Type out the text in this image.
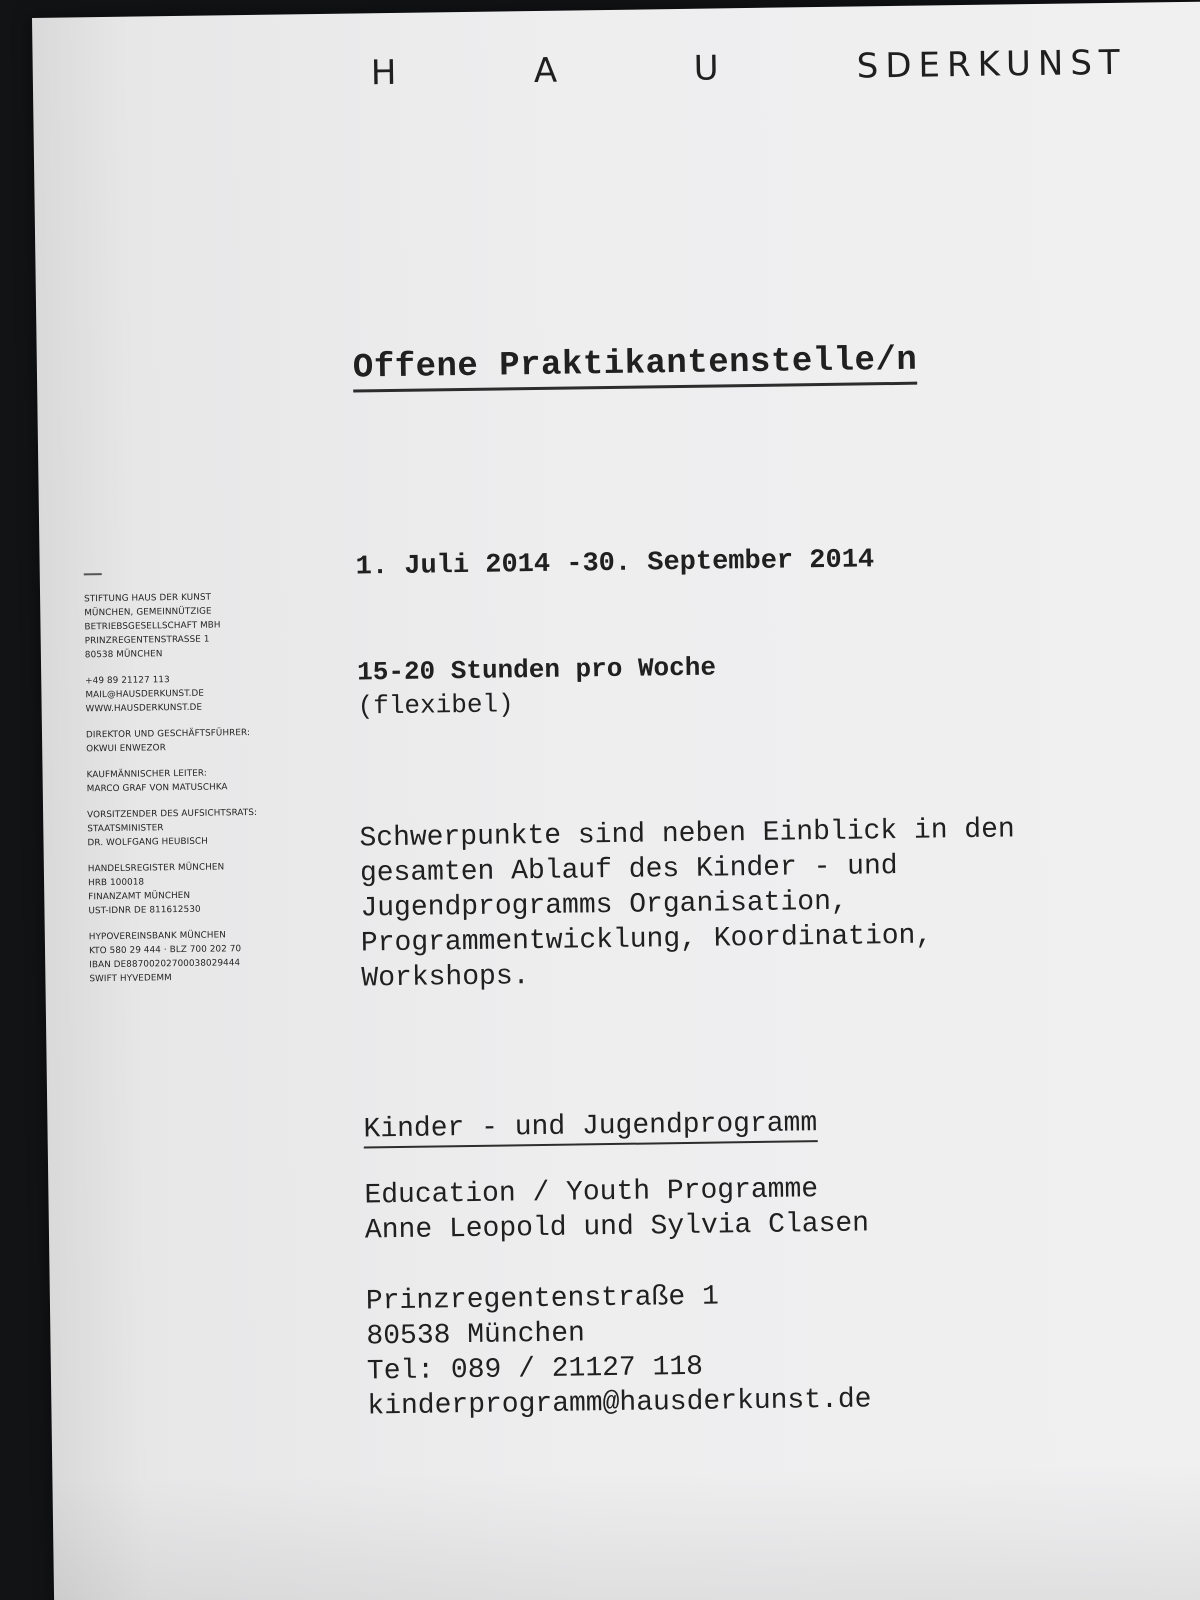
H	A	U	SDERKUNST
STIFTUNG HAUS DER KUNST
MÜNCHEN, GEMEINNÜTZIGE
BETRIEBSGESELLSCHAFT MBH
PRINZREGENTENSTRASSE 1
80538 MÜNCHEN
+49 89 21127 113
MAIL@HAUSDERKUNST.DE
WWW.HAUSDERKUNST.DE
DIREKTOR UND GESCHÄFTSFÜHRER:
OKWUI ENWEZOR
KAUFMÄNNISCHER LEITER:
MARCO GRAF VON MATUSCHKA
VORSITZENDER DES AUFSICHTSRATS:
STAATSMINISTER
DR. WOLFGANG HEUBISCH
HANDELSREGISTER MÜNCHEN
HRB 100018
FINANZAMT MÜNCHEN
UST-IDNR DE 811612530
HYPOVEREINSBANK MÜNCHEN
KTO 580 29 444 · BLZ 700 202 70
IBAN DE88700202700038029444
SWIFT HYVEDEMM
Offene Praktikantenstelle/n
1. Juli 2014 -30. September 2014
15-20 Stunden pro Woche
(flexibel)
Schwerpunkte sind neben Einblick in den
gesamten Ablauf des Kinder - und
Jugendprogramms Organisation,
Programmentwicklung, Koordination,
Workshops.
Kinder - und Jugendprogramm
Education / Youth Programme
Anne Leopold und Sylvia Clasen
Prinzregentenstraße 1
80538 München
Tel: 089 / 21127 118
kinderprogramm@hausderkunst.de
